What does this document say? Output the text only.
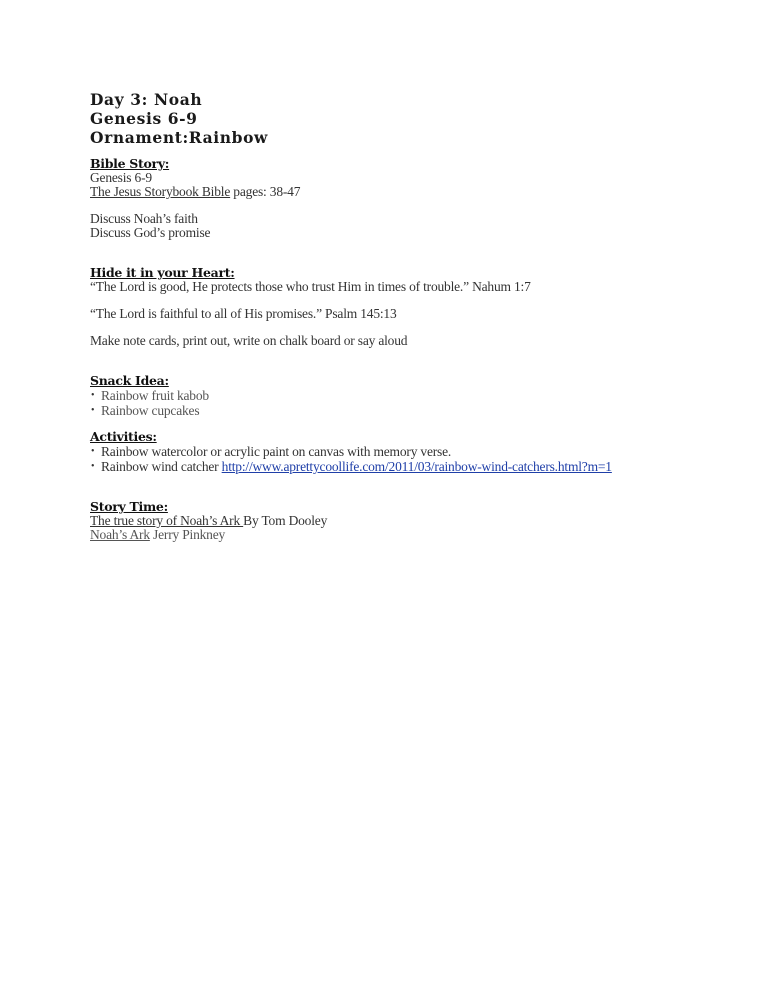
Day 3: Noah
Genesis 6-9
Ornament:Rainbow
Bible Story:
Genesis 6-9
The Jesus Storybook Bible pages: 38-47
Discuss Noah’s faith
Discuss God’s promise
Hide it in your Heart:
“The Lord is good, He protects those who trust Him in times of trouble.” Nahum 1:7
“The Lord is faithful to all of His promises.” Psalm 145:13
Make note cards, print out, write on chalk board or say aloud
Snack Idea:
• Rainbow fruit kabob
• Rainbow cupcakes
Activities:
• Rainbow watercolor or acrylic paint on canvas with memory verse.
• Rainbow wind catcher http://www.aprettycoollife.com/2011/03/rainbow-wind-catchers.html?m=1
Story Time:
The true story of Noah’s Ark By Tom Dooley
Noah’s Ark Jerry Pinkney
